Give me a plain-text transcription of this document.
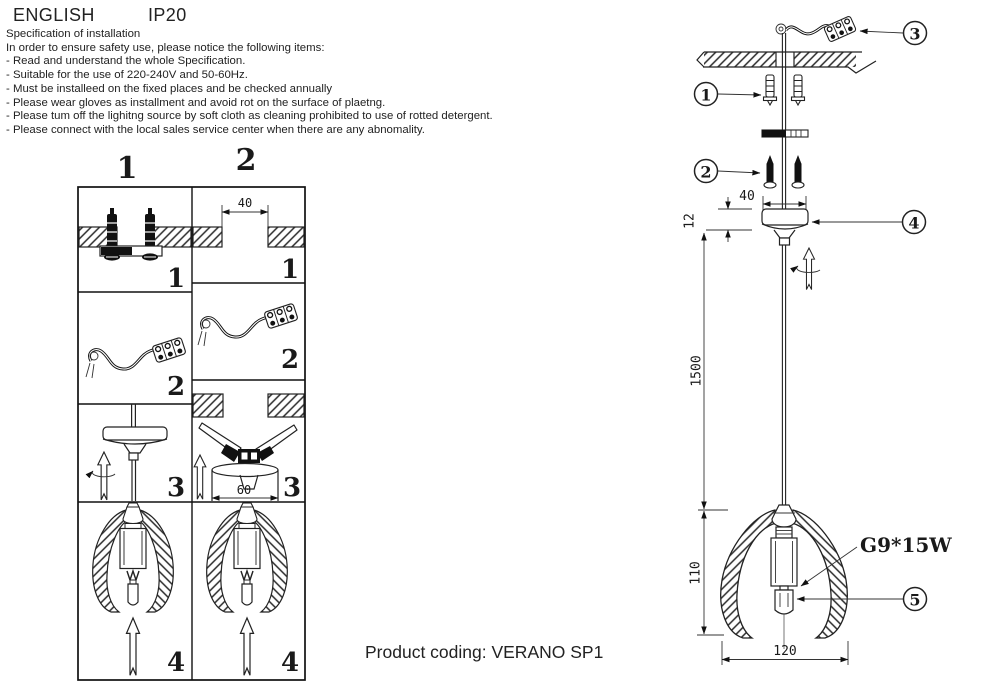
ENGLISH	IP20
Specification of installation
In order to ensure safety use, please notice the following items:
- Read and understand the whole Specification.
- Suitable for the use of 220-240V and 50-60Hz.
- Must be installeed on the fixed places and be checked annually
- Please wear gloves as installment and avoid rot on the surface of plaetng.
- Please tum off the lighitng source by soft cloth as cleaning prohibited to use of rotted detergent.
- Please connect with the local sales service center when there are any abnomality.
1	2
1
40
1
2
2
3	60 3
4	4
3
1
2
40
4
12
1500
110
G9*15W
5
120
Product coding: VERANO SP1
